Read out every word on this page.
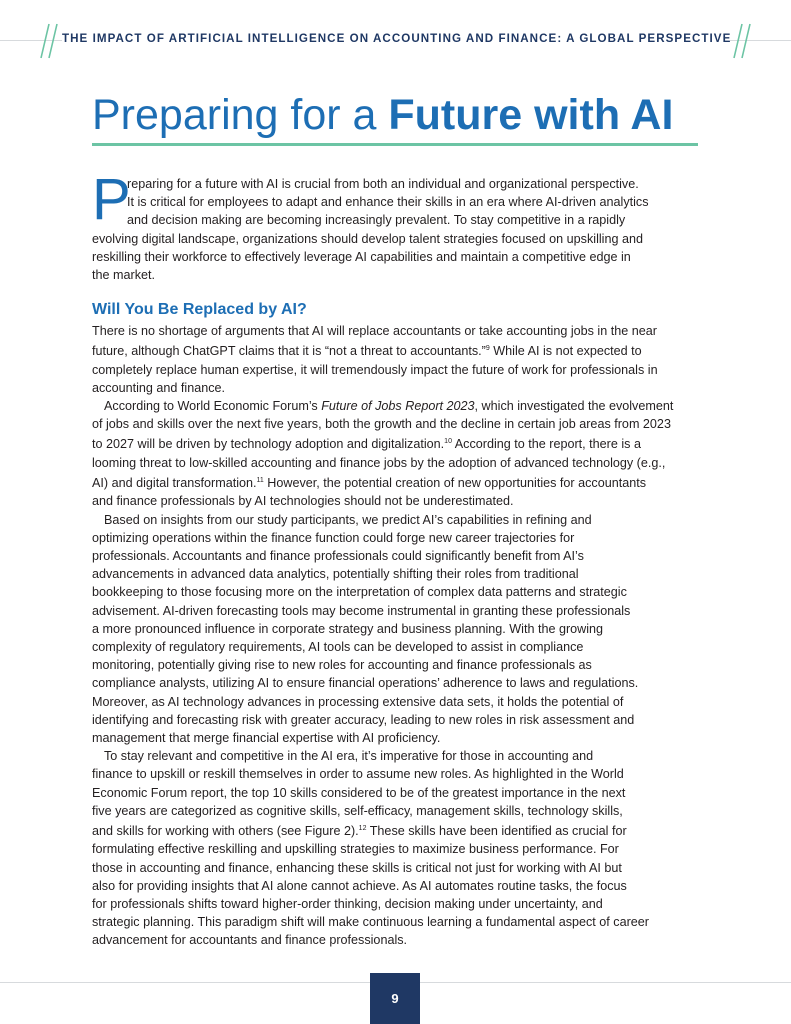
THE IMPACT OF ARTIFICIAL INTELLIGENCE ON ACCOUNTING AND FINANCE: A GLOBAL PERSPECTIVE
Preparing for a Future with AI
P
reparing for a future with AI is crucial from both an individual and organizational perspective.
It is critical for employees to adapt and enhance their skills in an era where AI-driven analytics
and decision making are becoming increasingly prevalent. To stay competitive in a rapidly
evolving digital landscape, organizations should develop talent strategies focused on upskilling and
reskilling their workforce to effectively leverage AI capabilities and maintain a competitive edge in
the market.
Will You Be Replaced by AI?
There is no shortage of arguments that AI will replace accountants or take accounting jobs in the near
future, although ChatGPT claims that it is “not a threat to accountants.”$^9$ While AI is not expected to
completely replace human expertise, it will tremendously impact the future of work for professionals in
accounting and finance.
According to World Economic Forum’s Future of Jobs Report 2023, which investigated the evolvement
of jobs and skills over the next five years, both the growth and the decline in certain job areas from 2023
to 2027 will be driven by technology adoption and digitalization.$^{10}$ According to the report, there is a
looming threat to low-skilled accounting and finance jobs by the adoption of advanced technology (e.g.,
AI) and digital transformation.$^{11}$ However, the potential creation of new opportunities for accountants
and finance professionals by AI technologies should not be underestimated.
Based on insights from our study participants, we predict AI’s capabilities in refining and
optimizing operations within the finance function could forge new career trajectories for
professionals. Accountants and finance professionals could significantly benefit from AI’s
advancements in advanced data analytics, potentially shifting their roles from traditional
bookkeeping to those focusing more on the interpretation of complex data patterns and strategic
advisement. AI-driven forecasting tools may become instrumental in granting these professionals
a more pronounced influence in corporate strategy and business planning. With the growing
complexity of regulatory requirements, AI tools can be developed to assist in compliance
monitoring, potentially giving rise to new roles for accounting and finance professionals as
compliance analysts, utilizing AI to ensure financial operations’ adherence to laws and regulations.
Moreover, as AI technology advances in processing extensive data sets, it holds the potential of
identifying and forecasting risk with greater accuracy, leading to new roles in risk assessment and
management that merge financial expertise with AI proficiency.
To stay relevant and competitive in the AI era, it’s imperative for those in accounting and
finance to upskill or reskill themselves in order to assume new roles. As highlighted in the World
Economic Forum report, the top 10 skills considered to be of the greatest importance in the next
five years are categorized as cognitive skills, self-efficacy, management skills, technology skills,
and skills for working with others (see Figure 2).$^{12}$ These skills have been identified as crucial for
formulating effective reskilling and upskilling strategies to maximize business performance. For
those in accounting and finance, enhancing these skills is critical not just for working with AI but
also for providing insights that AI alone cannot achieve. As AI automates routine tasks, the focus
for professionals shifts toward higher-order thinking, decision making under uncertainty, and
strategic planning. This paradigm shift will make continuous learning a fundamental aspect of career
advancement for accountants and finance professionals.
9
